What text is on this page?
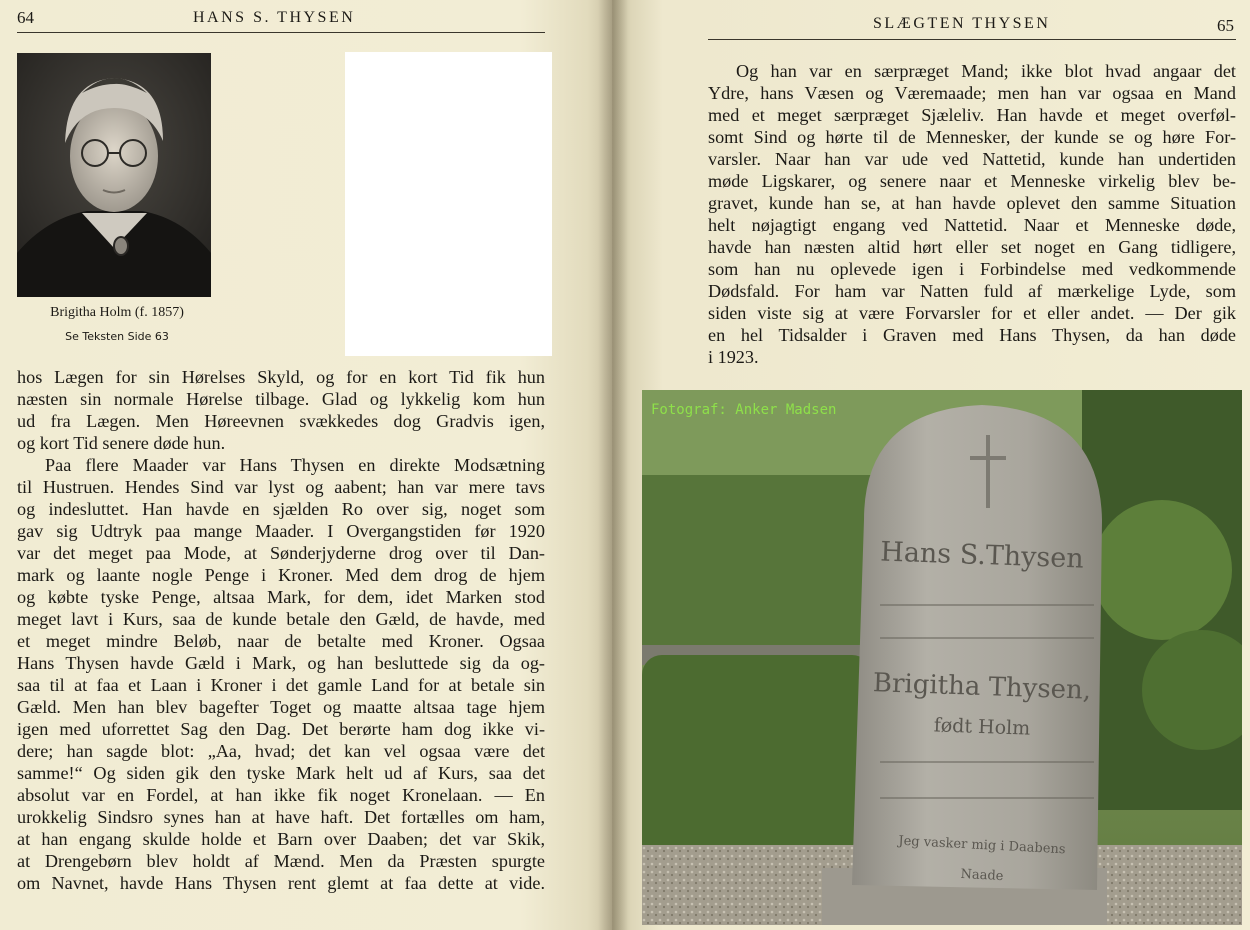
64	HANS S. THYSEN
Brigitha Holm (f. 1857)
Se Teksten Side 63
hos Lægen for sin Hørelses Skyld, og for en kort Tid fik hun
næsten sin normale Hørelse tilbage. Glad og lykkelig kom hun
ud fra Lægen. Men Høreevnen svækkedes dog Gradvis igen,
og kort Tid senere døde hun.
Paa flere Maader var Hans Thysen en direkte Modsætning
til Hustruen. Hendes Sind var lyst og aabent; han var mere tavs
og indesluttet. Han havde en sjælden Ro over sig, noget som
gav sig Udtryk paa mange Maader. I Overgangstiden før 1920
var det meget paa Mode, at Sønderjyderne drog over til Dan-
mark og laante nogle Penge i Kroner. Med dem drog de hjem
og købte tyske Penge, altsaa Mark, for dem, idet Marken stod
meget lavt i Kurs, saa de kunde betale den Gæld, de havde, med
et meget mindre Beløb, naar de betalte med Kroner. Ogsaa
Hans Thysen havde Gæld i Mark, og han besluttede sig da og-
saa til at faa et Laan i Kroner i det gamle Land for at betale sin
Gæld. Men han blev bagefter Toget og maatte altsaa tage hjem
igen med uforrettet Sag den Dag. Det berørte ham dog ikke vi-
dere; han sagde blot: „Aa, hvad; det kan vel ogsaa være det
samme!“ Og siden gik den tyske Mark helt ud af Kurs, saa det
absolut var en Fordel, at han ikke fik noget Kronelaan. — En
urokkelig Sindsro synes han at have haft. Det fortælles om ham,
at han engang skulde holde et Barn over Daaben; det var Skik,
at Drengebørn blev holdt af Mænd. Men da Præsten spurgte
om Navnet, havde Hans Thysen rent glemt at faa dette at vide.
SLÆGTEN THYSEN	65
Og han var en særpræget Mand; ikke blot hvad angaar det
Ydre, hans Væsen og Væremaade; men han var ogsaa en Mand
med et meget særpræget Sjæleliv. Han havde et meget overføl-
somt Sind og hørte til de Mennesker, der kunde se og høre For-
varsler. Naar han var ude ved Nattetid, kunde han undertiden
møde Ligskarer, og senere naar et Menneske virkelig blev be-
gravet, kunde han se, at han havde oplevet den samme Situation
helt nøjagtigt engang ved Nattetid. Naar et Menneske døde,
havde han næsten altid hørt eller set noget en Gang tidligere,
som han nu oplevede igen i Forbindelse med vedkommende
Dødsfald. For ham var Natten fuld af mærkelige Lyde, som
siden viste sig at være Forvarsler for et eller andet. — Der gik
en hel Tidsalder i Graven med Hans Thysen, da han døde
i 1923.
Hans S.Thysen
Brigitha Thysen,
født Holm
Jeg vasker mig i Daabens
Naade
Fotograf: Anker Madsen
